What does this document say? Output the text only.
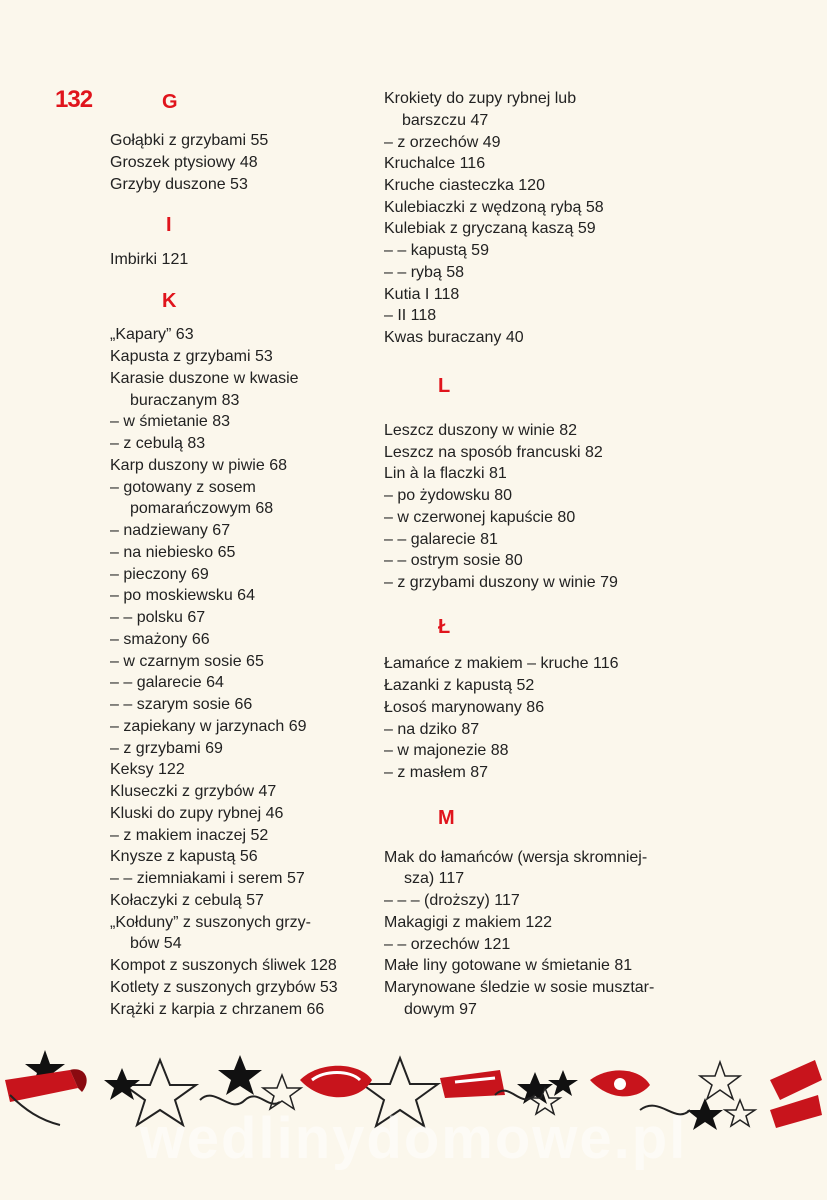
132	G
Gołąbki z grzybami 55
Groszek ptysiowy 48
Grzyby duszone 53
I
Imbirki 121
K
„Kapary” 63
Kapusta z grzybami 53
Karasie duszone w kwasie
buraczanym 83
– w śmietanie 83
– z cebulą 83
Karp duszony w piwie 68
– gotowany z sosem
pomarańczowym 68
– nadziewany 67
– na niebiesko 65
– pieczony 69
– po moskiewsku 64
– – polsku 67
– smażony 66
– w czarnym sosie 65
– – galarecie 64
– – szarym sosie 66
– zapiekany w jarzynach 69
– z grzybami 69
Keksy 122
Kluseczki z grzybów 47
Kluski do zupy rybnej 46
– z makiem inaczej 52
Knysze z kapustą 56
– – ziemniakami i serem 57
Kołaczyki z cebulą 57
„Kołduny” z suszonych grzy-
bów 54
Kompot z suszonych śliwek 128
Kotlety z suszonych grzybów 53
Krążki z karpia z chrzanem 66
Krokiety do zupy rybnej lub
barszczu 47
– z orzechów 49
Kruchalce 116
Kruche ciasteczka 120
Kulebiaczki z wędzoną rybą 58
Kulebiak z gryczaną kaszą 59
– – kapustą 59
– – rybą 58
Kutia I 118
– II 118
Kwas buraczany 40
L
Leszcz duszony w winie 82
Leszcz na sposób francuski 82
Lin à la flaczki 81
– po żydowsku 80
– w czerwonej kapuście 80
– – galarecie 81
– – ostrym sosie 80
– z grzybami duszony w winie 79
Ł
Łamańce z makiem – kruche 116
Łazanki z kapustą 52
Łosoś marynowany 86
– na dziko 87
– w majonezie 88
– z masłem 87
M
Mak do łamańców (wersja skromniej-
sza) 117
– – – (droższy) 117
Makagigi z makiem 122
– – orzechów 121
Małe liny gotowane w śmietanie 81
Marynowane śledzie w sosie musztar-
dowym 97
wedlinydomowe.pl
